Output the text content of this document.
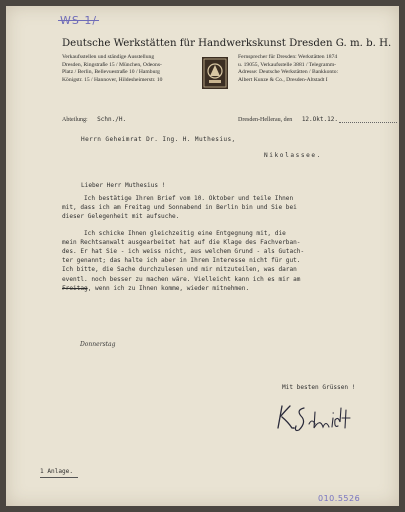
WS 1/
Deutsche Werkstätten für Handwerkskunst Dresden G. m. b. H.
Verkaufsstellen und ständige Ausstellung
Dresden, Ringstraße 15 / München, Odeons-
Platz / Berlin, Bellevuestraße 10 / Hamburg
Königstr. 15 / Hannover, Hildesheimerstr. 10
Fernsprecher für Dresden: Werkstätten 1874
u. 19055, Verkaufsstelle 3881 / Telegramm-
Adresse: Deutsche Werkstätten / Bankkonto:
Albert Kunze & Co., Dresden-Altstadt I
Abteilung: Schn./H.	Dresden-Hellerau, den 12.Okt.12.
Herrn Geheimrat Dr. Ing. H. Muthesius,
Nikolassee.
Lieber Herr Muthesius !
Ich bestätige Ihren Brief vom 10. Oktober und teile Ihnen
mit, dass ich am Freitag und Sonnabend in Berlin bin und Sie bei
dieser Gelegenheit mit aufsuche.
Ich schicke Ihnen gleichzeitig eine Entgegnung mit, die
mein Rechtsanwalt ausgearbeitet hat auf die Klage des Fachverban-
des. Er hat Sie - ich weiss nicht, aus welchem Grund - als Gutach-
ter genannt; das halte ich aber in Ihrem Interesse nicht für gut.
Ich bitte, die Sache durchzulesen und mir mitzuteilen, was daran
eventl. noch besser zu machen wäre. Vielleicht kann ich es mir am
Freitag, wenn ich zu Ihnen komme, wieder mitnehmen.
Donnerstag
Mit besten Grüssen !
1 Anlage.
010.5526
